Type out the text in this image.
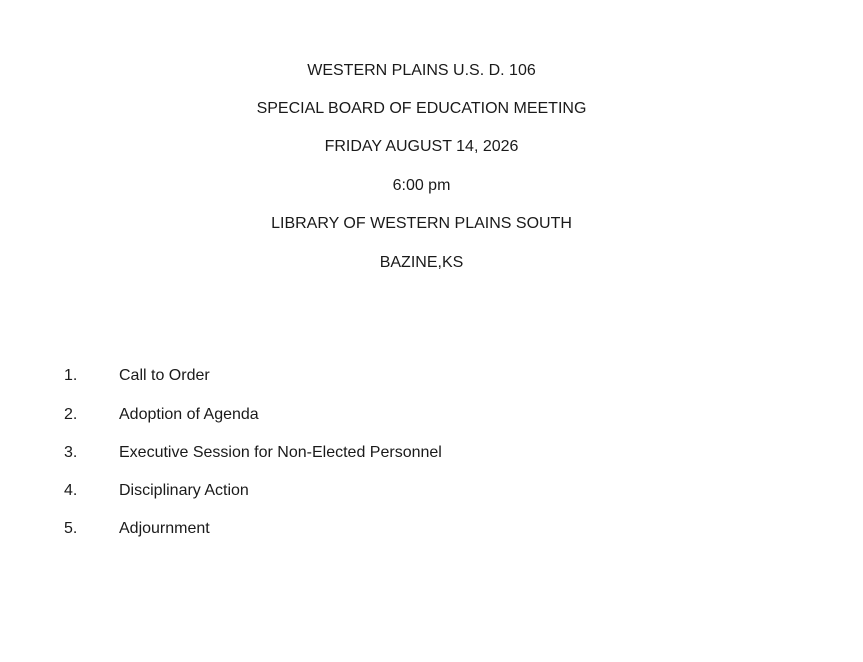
WESTERN PLAINS U.S. D. 106
SPECIAL BOARD OF EDUCATION MEETING
FRIDAY AUGUST 14, 2026
6:00 pm
LIBRARY OF WESTERN PLAINS SOUTH
BAZINE,KS
1.	Call to Order
2.	Adoption of Agenda
3.	Executive Session for Non-Elected Personnel
4.	Disciplinary Action
5.	Adjournment
